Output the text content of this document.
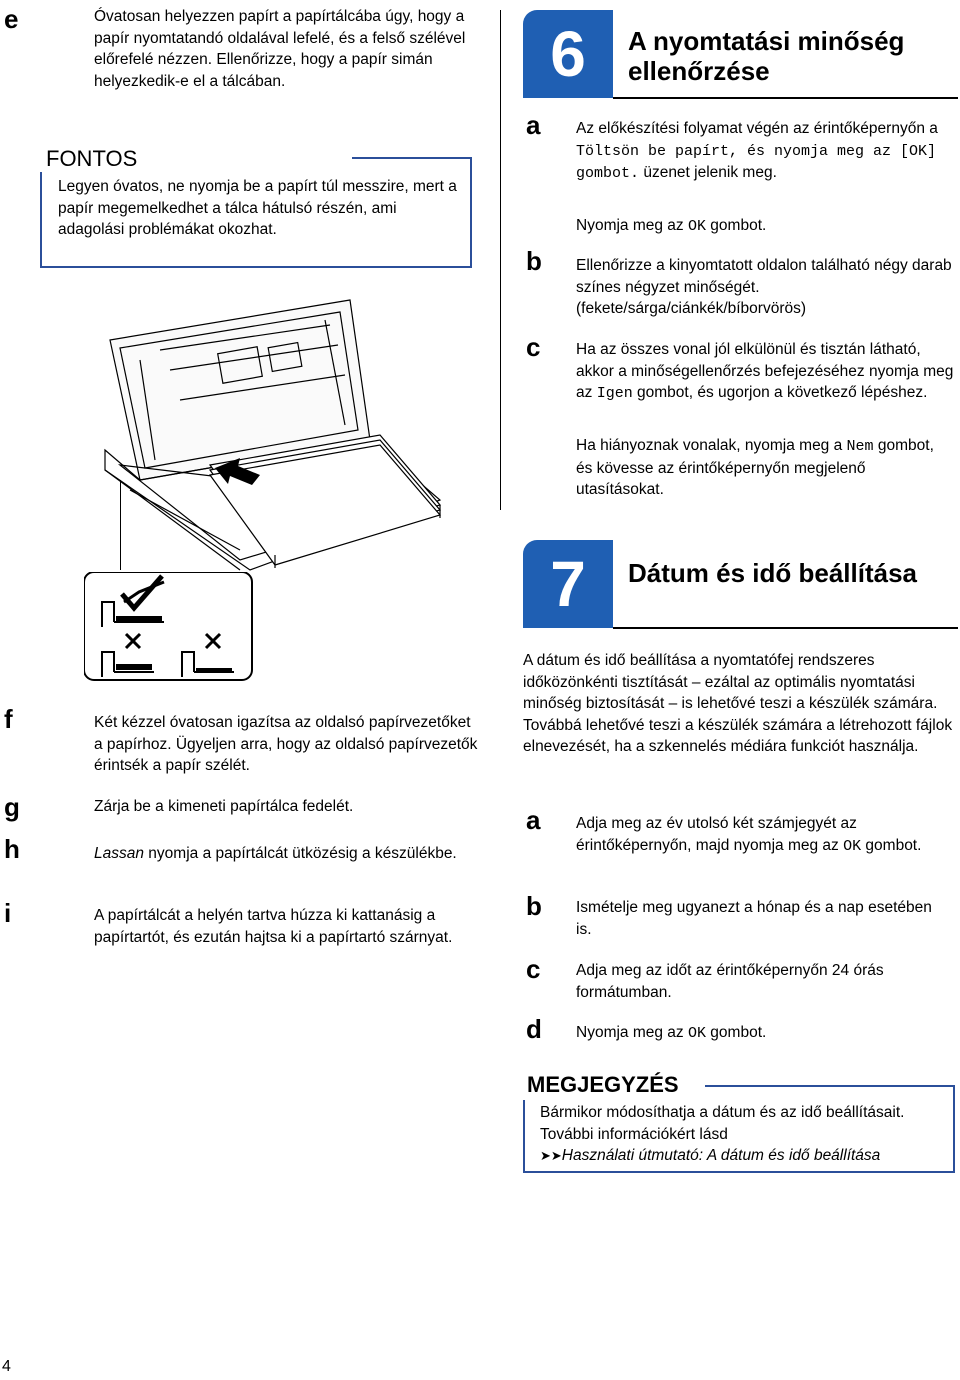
e	Óvatosan helyezzen papírt a papírtálcába úgy, hogy a papír nyomtatandó oldalával lefelé, és a felső szélével előrefelé nézzen. Ellenőrizze, hogy a papír simán helyezkedik-e el a tálcában.
FONTOS
Legyen óvatos, ne nyomja be a papírt túl messzire, mert a papír megemelkedhet a tálca hátulsó részén, ami adagolási problémákat okozhat.
f	Két kézzel óvatosan igazítsa az oldalsó papírvezetőket a papírhoz. Ügyeljen arra, hogy az oldalsó papírvezetők érintsék a papír szélét.
g	Zárja be a kimeneti papírtálca fedelét.
h	Lassan nyomja a papírtálcát ütközésig a készülékbe.
i	A papírtálcát a helyén tartva húzza ki kattanásig a papírtartót, és ezután hajtsa ki a papírtartó szárnyat.
6 A nyomtatási minőség ellenőrzése
a Az előkészítési folyamat végén az érintőképernyőn a Töltsön be papírt, és nyomja meg az [OK] gombot. üzenet jelenik meg.
Nyomja meg az OK gombot.
b Ellenőrizze a kinyomtatott oldalon található négy darab színes négyzet minőségét. (fekete/sárga/ciánkék/bíborvörös)
c Ha az összes vonal jól elkülönül és tisztán látható, akkor a minőségellenőrzés befejezéséhez nyomja meg az Igen gombot, és ugorjon a következő lépéshez.
Ha hiányoznak vonalak, nyomja meg a Nem gombot, és kövesse az érintőképernyőn megjelenő utasításokat.
7 Dátum és idő beállítása
A dátum és idő beállítása a nyomtatófej rendszeres időközönkénti tisztítását – ezáltal az optimális nyomtatási minőség biztosítását – is lehetővé teszi a készülék számára. Továbbá lehetővé teszi a készülék számára a létrehozott fájlok elnevezését, ha a szkennelés médiára funkciót használja.
a Adja meg az év utolsó két számjegyét az érintőképernyőn, majd nyomja meg az OK gombot.
b Ismételje meg ugyanezt a hónap és a nap esetében is.
c Adja meg az időt az érintőképernyőn 24 órás formátumban.
d Nyomja meg az OK gombot.
MEGJEGYZÉS
Bármikor módosíthatja a dátum és az idő beállításait. További információkért lásd
➤➤Használati útmutató: A dátum és idő beállítása
4
